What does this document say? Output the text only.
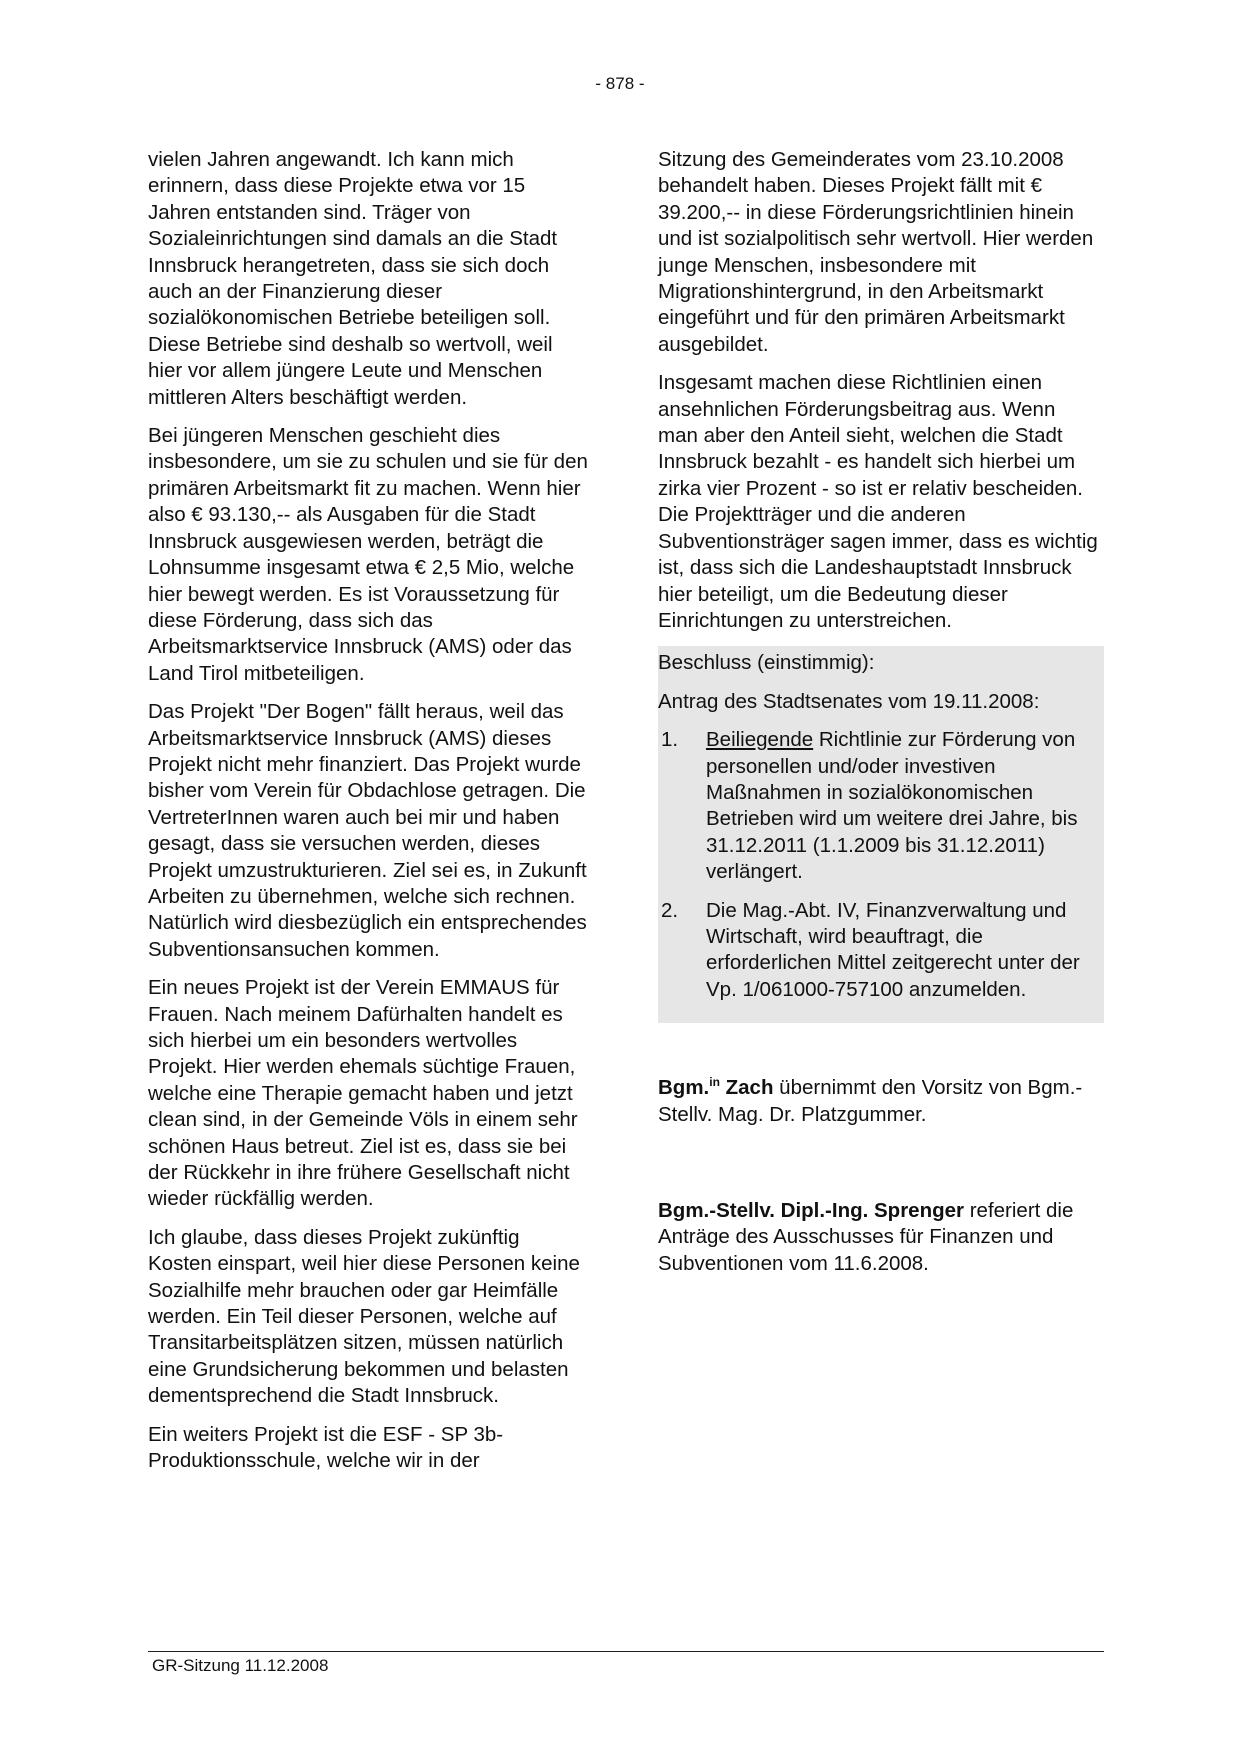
- 878 -

vielen Jahren angewandt. Ich kann mich erinnern, dass diese Projekte etwa vor 15 Jahren entstanden sind. Träger von Sozialeinrichtungen sind damals an die Stadt Innsbruck herangetreten, dass sie sich doch auch an der Finanzierung dieser sozialökonomischen Betriebe beteiligen soll. Diese Betriebe sind deshalb so wertvoll, weil hier vor allem jüngere Leute und Menschen mittleren Alters beschäftigt werden.

Bei jüngeren Menschen geschieht dies insbesondere, um sie zu schulen und sie für den primären Arbeitsmarkt fit zu machen. Wenn hier also € 93.130,-- als Ausgaben für die Stadt Innsbruck ausgewiesen werden, beträgt die Lohnsumme insgesamt etwa € 2,5 Mio, welche hier bewegt werden. Es ist Voraussetzung für diese Förderung, dass sich das Arbeitsmarktservice Innsbruck (AMS) oder das Land Tirol mitbeteiligen.

Das Projekt "Der Bogen" fällt heraus, weil das Arbeitsmarktservice Innsbruck (AMS) dieses Projekt nicht mehr finanziert. Das Projekt wurde bisher vom Verein für Obdachlose getragen. Die VertreterInnen waren auch bei mir und haben gesagt, dass sie versuchen werden, dieses Projekt umzustrukturieren. Ziel sei es, in Zukunft Arbeiten zu übernehmen, welche sich rechnen. Natürlich wird diesbezüglich ein entsprechendes Subventionsansuchen kommen.

Ein neues Projekt ist der Verein EMMAUS für Frauen. Nach meinem Dafürhalten handelt es sich hierbei um ein besonders wertvolles Projekt. Hier werden ehemals süchtige Frauen, welche eine Therapie gemacht haben und jetzt clean sind, in der Gemeinde Völs in einem sehr schönen Haus betreut. Ziel ist es, dass sie bei der Rückkehr in ihre frühere Gesellschaft nicht wieder rückfällig werden.

Ich glaube, dass dieses Projekt zukünftig Kosten einspart, weil hier diese Personen keine Sozialhilfe mehr brauchen oder gar Heimfälle werden. Ein Teil dieser Personen, welche auf Transitarbeitsplätzen sitzen, müssen natürlich eine Grundsicherung bekommen und belasten dementsprechend die Stadt Innsbruck.

Ein weiters Projekt ist die ESF - SP 3b-Produktionsschule, welche wir in der

Sitzung des Gemeinderates vom 23.10.2008 behandelt haben. Dieses Projekt fällt mit € 39.200,-- in diese Förderungsrichtlinien hinein und ist sozialpolitisch sehr wertvoll. Hier werden junge Menschen, insbesondere mit Migrationshintergrund, in den Arbeitsmarkt eingeführt und für den primären Arbeitsmarkt ausgebildet.

Insgesamt machen diese Richtlinien einen ansehnlichen Förderungsbeitrag aus. Wenn man aber den Anteil sieht, welchen die Stadt Innsbruck bezahlt - es handelt sich hierbei um zirka vier Prozent - so ist er relativ bescheiden. Die Projektträger und die anderen Subventionsträger sagen immer, dass es wichtig ist, dass sich die Landeshauptstadt Innsbruck hier beteiligt, um die Bedeutung dieser Einrichtungen zu unterstreichen.

Beschluss (einstimmig):

Antrag des Stadtsenates vom 19.11.2008:

1. Beiliegende Richtlinie zur Förderung von personellen und/oder investiven Maßnahmen in sozialökonomischen Betrieben wird um weitere drei Jahre, bis 31.12.2011 (1.1.2009 bis 31.12.2011) verlängert.
2. Die Mag.-Abt. IV, Finanzverwaltung und Wirtschaft, wird beauftragt, die erforderlichen Mittel zeitgerecht unter der Vp. 1/061000-757100 anzumelden.

Bgm.$^{in}$ Zach übernimmt den Vorsitz von Bgm.-Stellv. Mag. Dr. Platzgummer.

Bgm.-Stellv. Dipl.-Ing. Sprenger referiert die Anträge des Ausschusses für Finanzen und Subventionen vom 11.6.2008.

GR-Sitzung 11.12.2008
